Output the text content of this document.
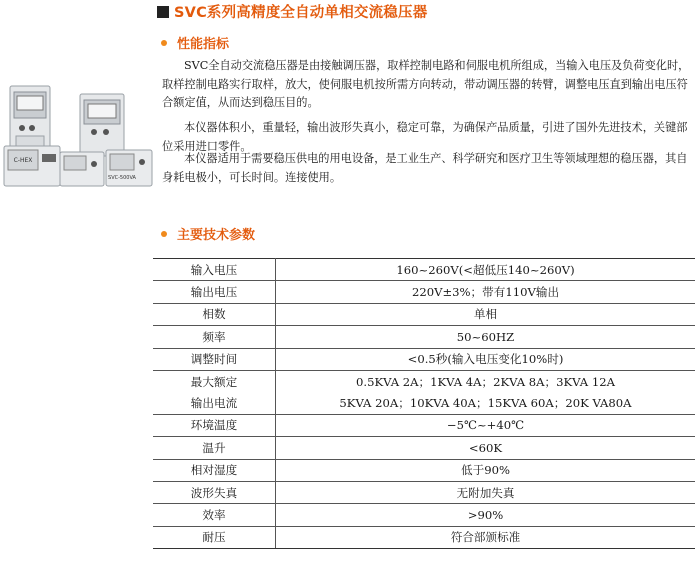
SVC系列高精度全自动单相交流稳压器
性能指标

SVC全自动交流稳压器是由接触调压器，取样控制电路和伺服电机所组成，当输入电压及负荷变化时，取样控制电路实行取样，放大，使伺服电机按所需方向转动，带动调压器的转臂，调整电压直到输出电压符合额定值，从而达到稳压目的。

本仪器体积小，重量轻，输出波形失真小，稳定可靠，为确保产品质量，引进了国外先进技术，关键部位采用进口零件。

本仪器适用于需要稳压供电的用电设备，是工业生产、科学研究和医疗卫生等领域理想的稳压器，其自身耗电极小，可长时间。连接使用。

C-HEX
SVC-500VA
主要技术参数
输入电压	160~260V(<超低压140~260V)
输出电压	220V±3%；带有110V输出
相数	单相
频率	50~60HZ
调整时间	<0.5秒(输入电压变化10%时)
最大额定	0.5KVA 2A；1KVA 4A；2KVA 8A；3KVA 12A
输出电流	5KVA 20A；10KVA 40A；15KVA 60A；20K VA80A
环境温度	−5℃~+40℃
温升	<60K
相对湿度	低于90%
波形失真	无附加失真
效率	>90%
耐压	符合部颁标准
